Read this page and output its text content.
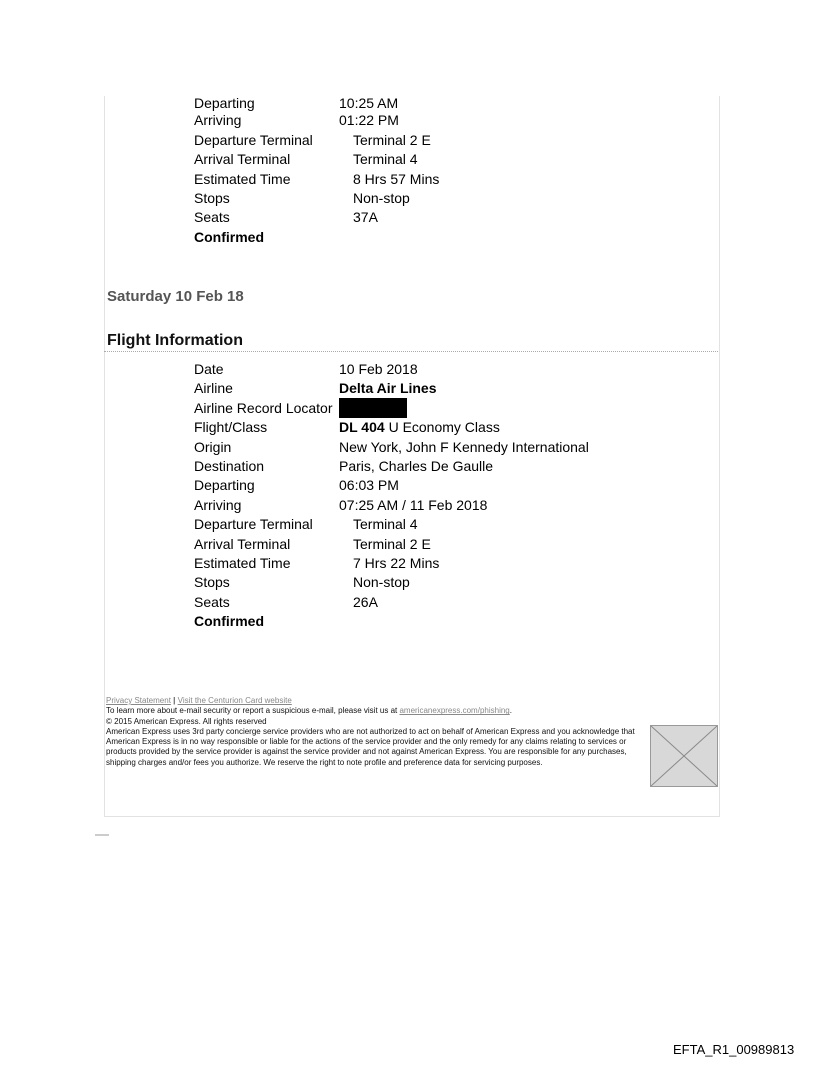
Departing	10:25 AM
Arriving	01:22 PM
Departure Terminal	Terminal 2 E
Arrival Terminal	Terminal 4
Estimated Time	8 Hrs 57 Mins
Stops	Non-stop
Seats	37A
Confirmed
Saturday 10 Feb 18
Flight Information
Date	10 Feb 2018
Airline	Delta Air Lines
Airline Record Locator
Flight/Class	DL 404 U Economy Class
Origin	New York, John F Kennedy International
Destination	Paris, Charles De Gaulle
Departing	06:03 PM
Arriving	07:25 AM / 11 Feb 2018
Departure Terminal	Terminal 4
Arrival Terminal	Terminal 2 E
Estimated Time	7 Hrs 22 Mins
Stops	Non-stop
Seats	26A
Confirmed
Privacy Statement | Visit the Centurion Card website
To learn more about e-mail security or report a suspicious e-mail, please visit us at americanexpress.com/phishing.
© 2015 American Express. All rights reserved
American Express uses 3rd party concierge service providers who are not authorized to act on behalf of American Express and you acknowledge that American Express is in no way responsible or liable for the actions of the service provider and the only remedy for any claims relating to services or products provided by the service provider is against the service provider and not against American Express. You are responsible for any purchases, shipping charges and/or fees you authorize. We reserve the right to note profile and preference data for servicing purposes.
EFTA_R1_00989813
